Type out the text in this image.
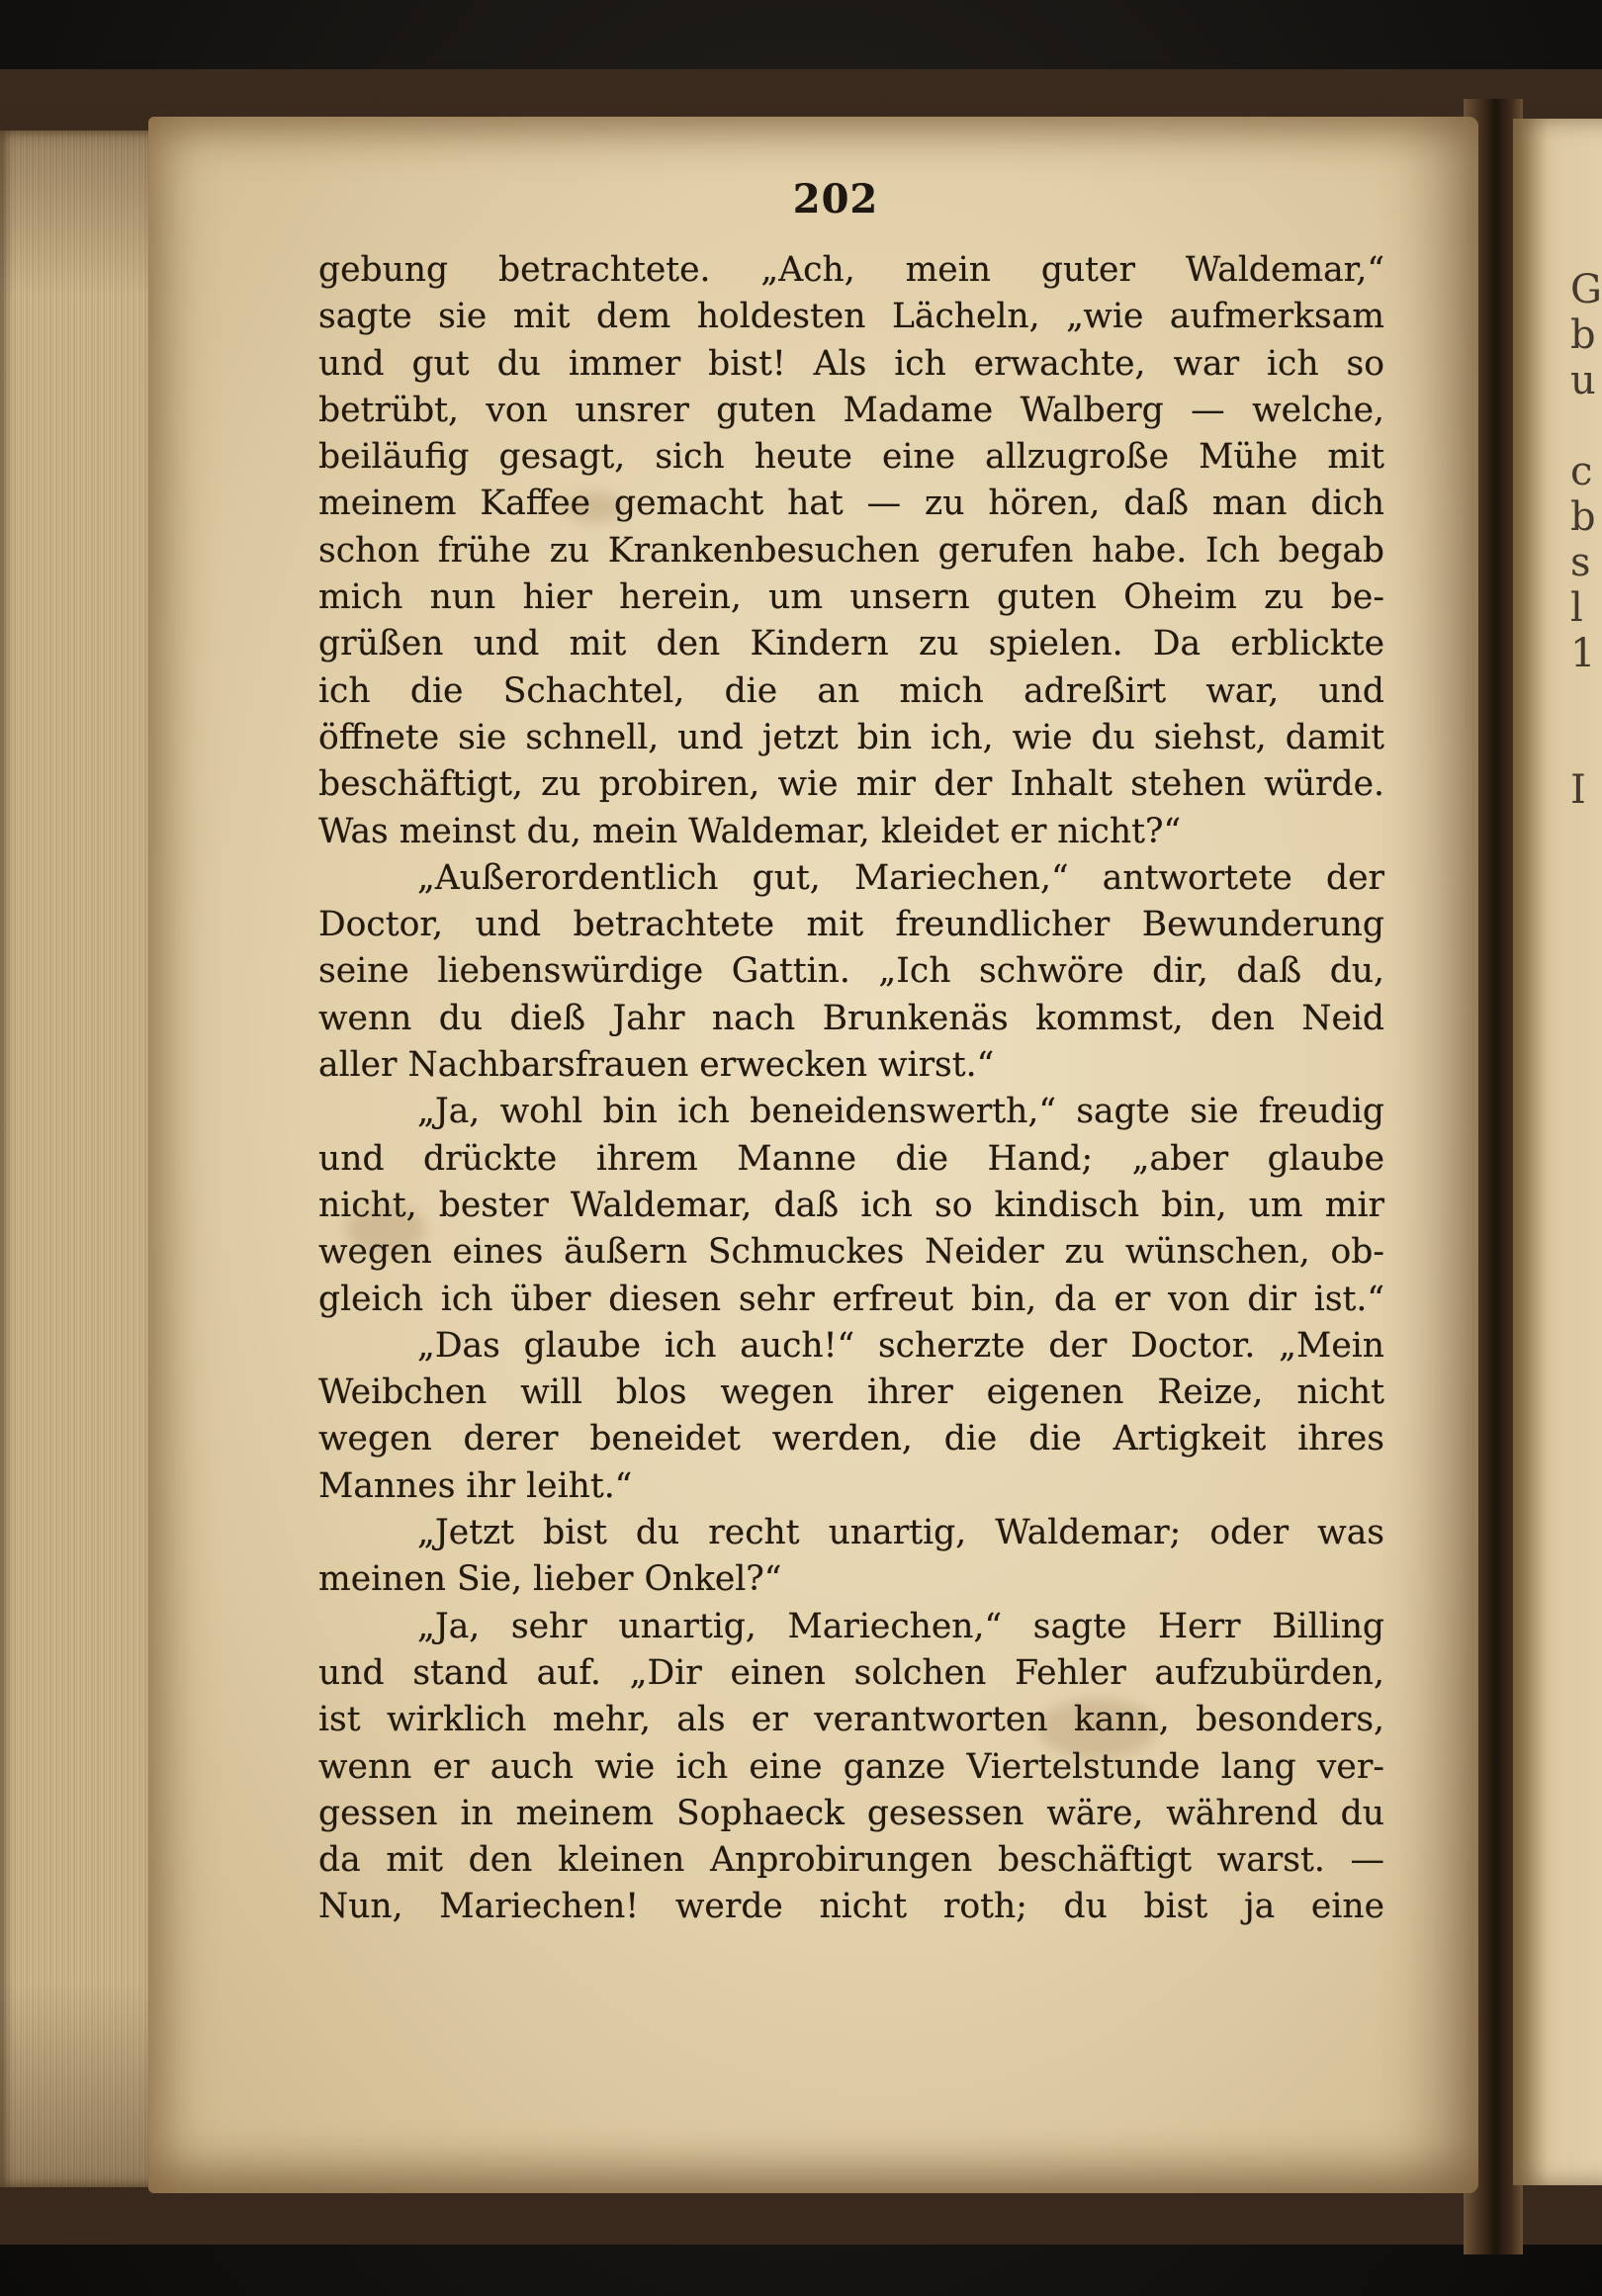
G
b
u

c
b
s
l
1

I
202
gebung betrachtete. „Ach, mein guter Waldemar,“
sagte sie mit dem holdesten Lächeln, „wie aufmerksam
und gut du immer bist! Als ich erwachte, war ich so
betrübt, von unsrer guten Madame Walberg — welche,
beiläufig gesagt, sich heute eine allzugroße Mühe mit
meinem Kaffee gemacht hat — zu hören, daß man dich
schon frühe zu Krankenbesuchen gerufen habe. Ich begab
mich nun hier herein, um unsern guten Oheim zu be-
grüßen und mit den Kindern zu spielen. Da erblickte
ich die Schachtel, die an mich adreßirt war, und
öffnete sie schnell, und jetzt bin ich, wie du siehst, damit
beschäftigt, zu probiren, wie mir der Inhalt stehen würde.
Was meinst du, mein Waldemar, kleidet er nicht?“
„Außerordentlich gut, Mariechen,“ antwortete der
Doctor, und betrachtete mit freundlicher Bewunderung
seine liebenswürdige Gattin. „Ich schwöre dir, daß du,
wenn du dieß Jahr nach Brunkenäs kommst, den Neid
aller Nachbarsfrauen erwecken wirst.“
„Ja, wohl bin ich beneidenswerth,“ sagte sie freudig
und drückte ihrem Manne die Hand; „aber glaube
nicht, bester Waldemar, daß ich so kindisch bin, um mir
wegen eines äußern Schmuckes Neider zu wünschen, ob-
gleich ich über diesen sehr erfreut bin, da er von dir ist.“
„Das glaube ich auch!“ scherzte der Doctor. „Mein
Weibchen will blos wegen ihrer eigenen Reize, nicht
wegen derer beneidet werden, die die Artigkeit ihres
Mannes ihr leiht.“
„Jetzt bist du recht unartig, Waldemar; oder was
meinen Sie, lieber Onkel?“
„Ja, sehr unartig, Mariechen,“ sagte Herr Billing
und stand auf. „Dir einen solchen Fehler aufzubürden,
ist wirklich mehr, als er verantworten kann, besonders,
wenn er auch wie ich eine ganze Viertelstunde lang ver-
gessen in meinem Sophaeck gesessen wäre, während du
da mit den kleinen Anprobirungen beschäftigt warst. —
Nun, Mariechen! werde nicht roth; du bist ja eine
